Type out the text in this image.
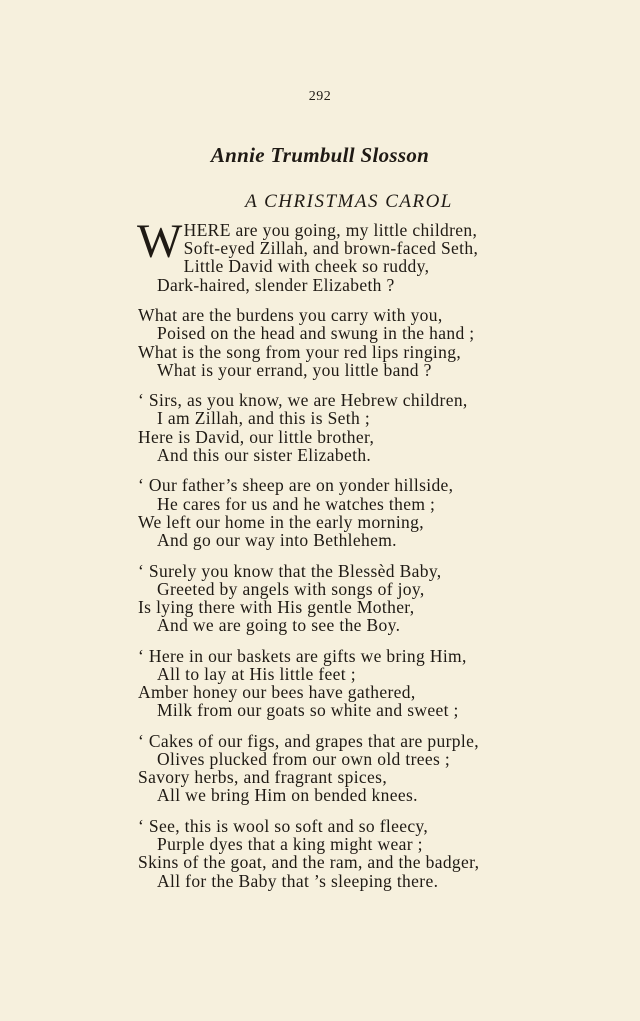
292
Annie Trumbull Slosson
A CHRISTMAS CAROL
W HERE are you going, my little children,
Soft-eyed Zillah, and brown-faced Seth,
Little David with cheek so ruddy,
Dark-haired, slender Elizabeth ?
What are the burdens you carry with you,
Poised on the head and swung in the hand ;
What is the song from your red lips ringing,
What is your errand, you little band ?
‘ Sirs, as you know, we are Hebrew children,
I am Zillah, and this is Seth ;
Here is David, our little brother,
And this our sister Elizabeth.
‘ Our father’s sheep are on yonder hillside,
He cares for us and he watches them ;
We left our home in the early morning,
And go our way into Bethlehem.
‘ Surely you know that the Blessèd Baby,
Greeted by angels with songs of joy,
Is lying there with His gentle Mother,
And we are going to see the Boy.
‘ Here in our baskets are gifts we bring Him,
All to lay at His little feet ;
Amber honey our bees have gathered,
Milk from our goats so white and sweet ;
‘ Cakes of our figs, and grapes that are purple,
Olives plucked from our own old trees ;
Savory herbs, and fragrant spices,
All we bring Him on bended knees.
‘ See, this is wool so soft and so fleecy,
Purple dyes that a king might wear ;
Skins of the goat, and the ram, and the badger,
All for the Baby that ’s sleeping there.
